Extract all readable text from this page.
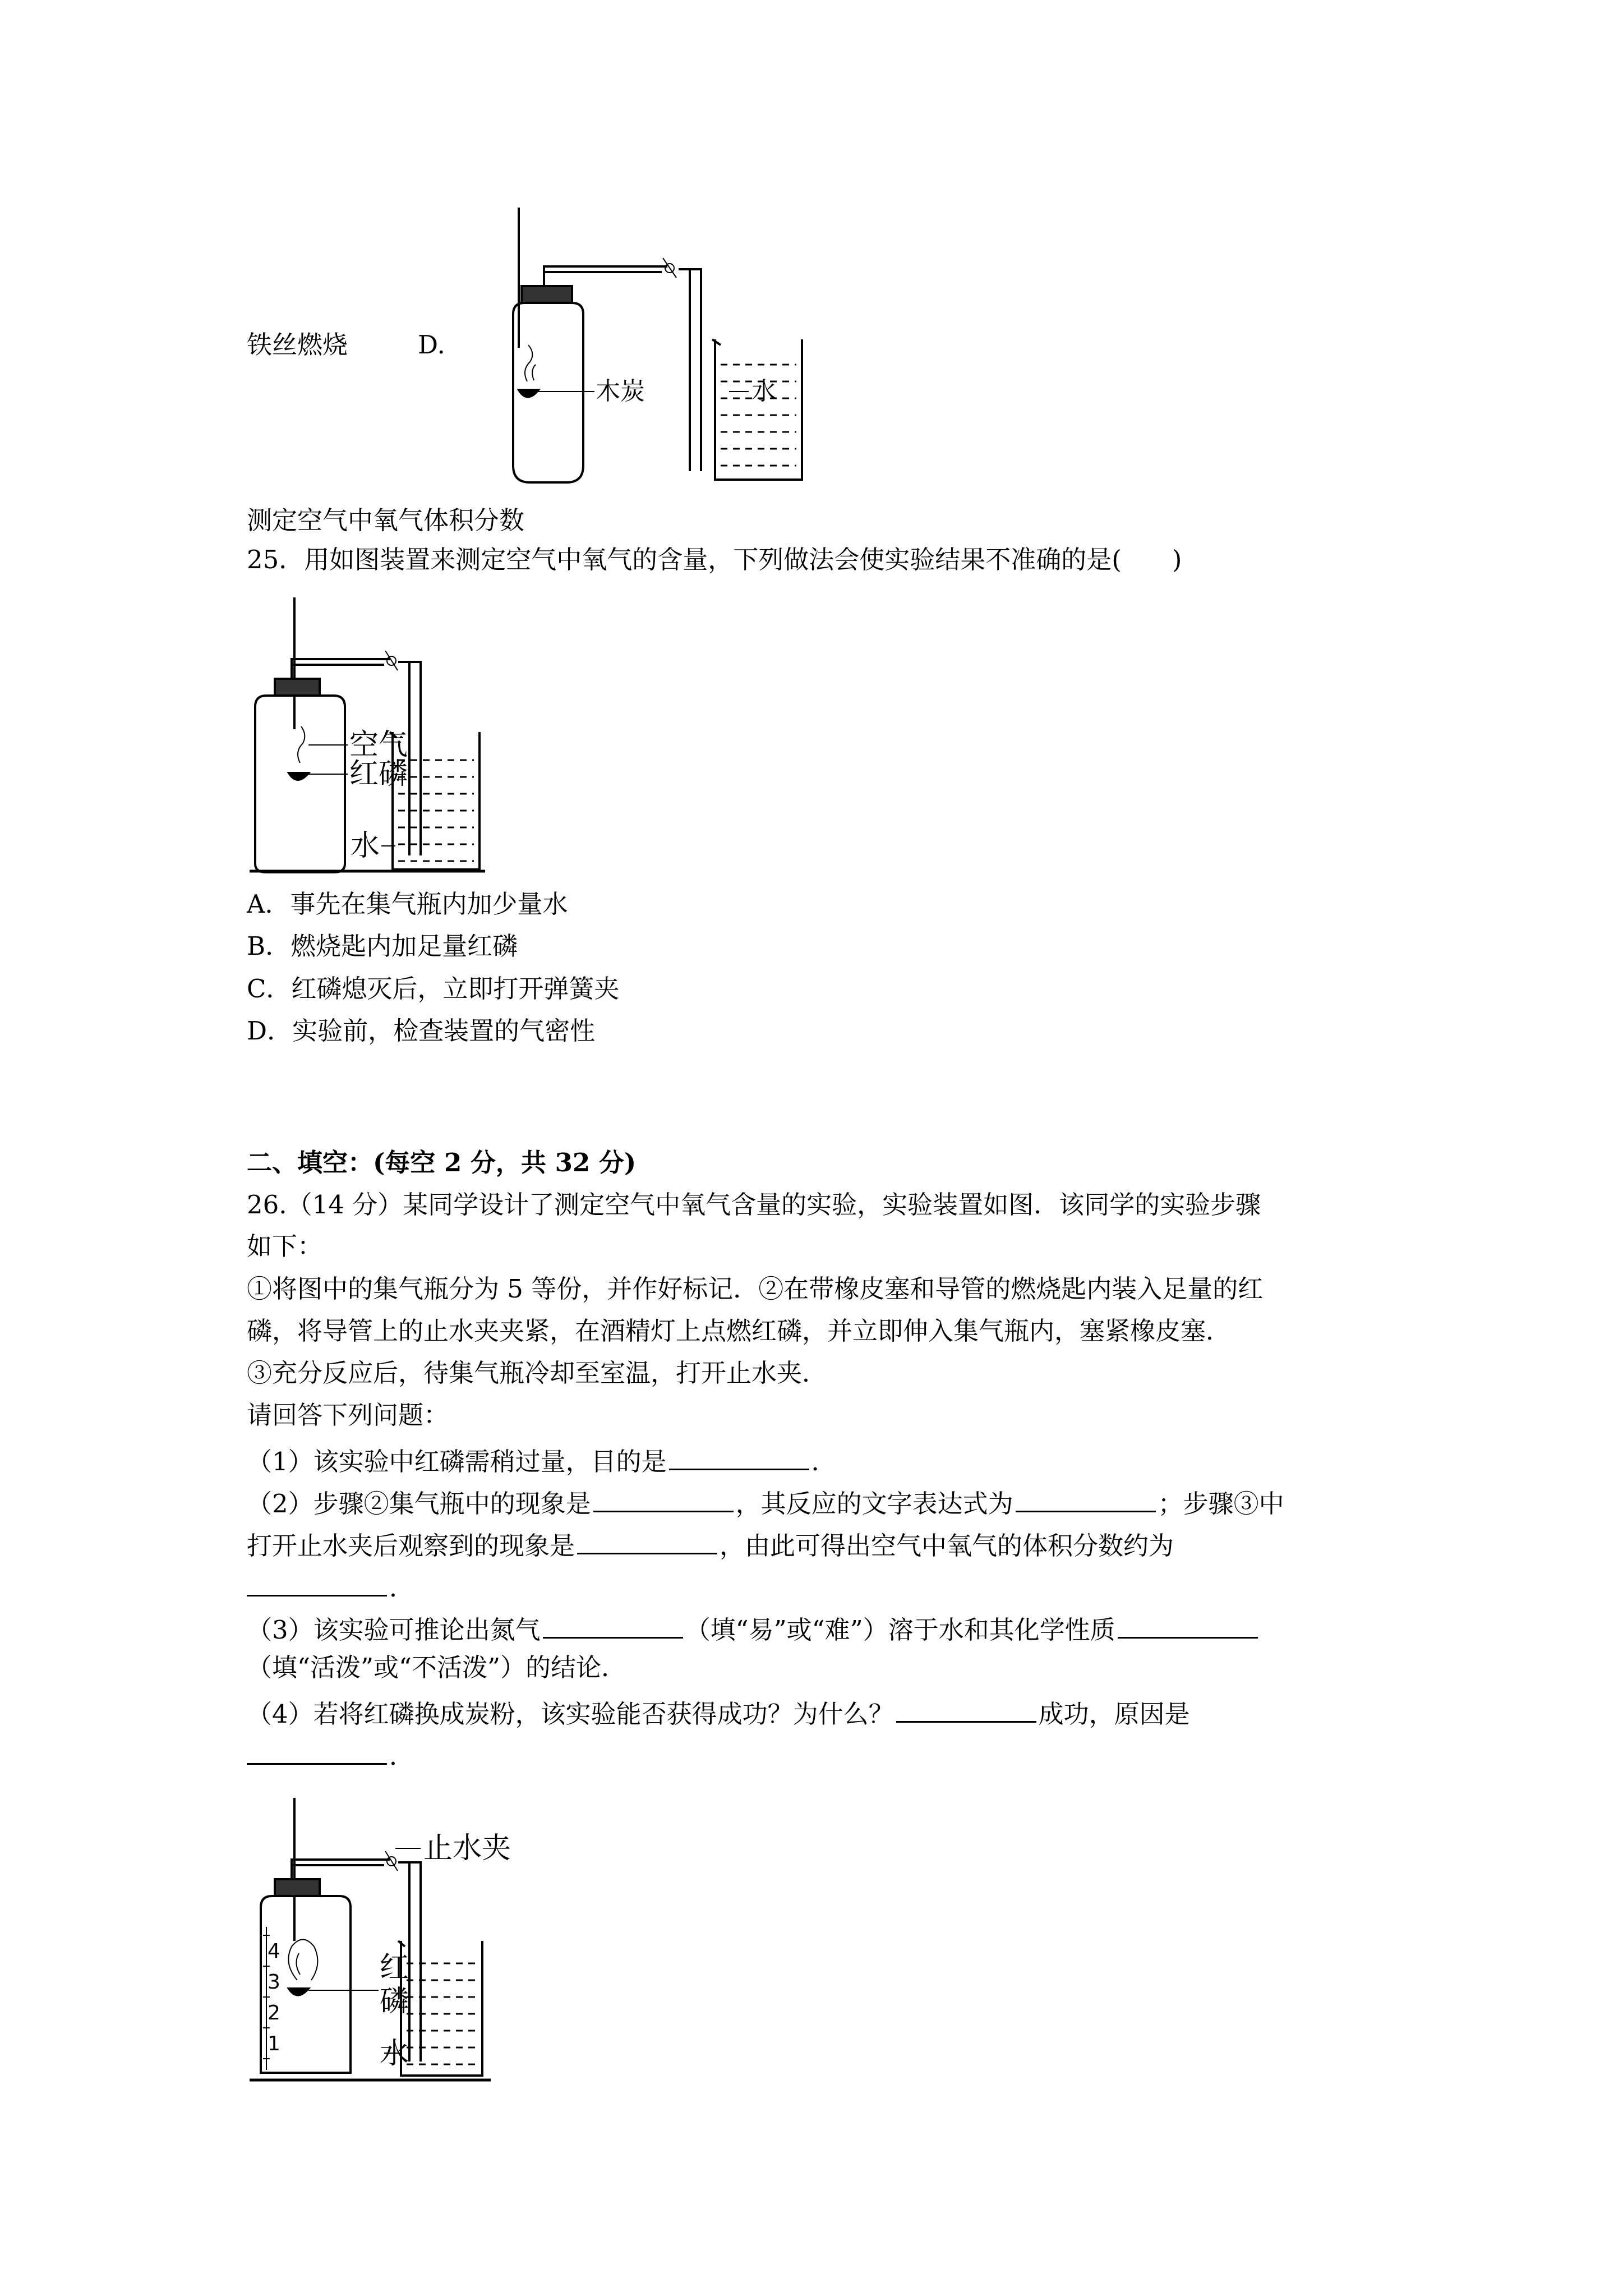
铁丝燃烧	D.

木炭	水

测定空气中氧气体积分数

25．用如图装置来测定空气中氧气的含量，下列做法会使实验结果不准确的是(　　)

空气
红磷
水

A．事先在集气瓶内加少量水

B．燃烧匙内加足量红磷

C．红磷熄灭后，立即打开弹簧夹

D．实验前，检查装置的气密性

二、填空：(每空 2 分，共 32 分)

26.（14 分）某同学设计了测定空气中氧气含量的实验，实验装置如图．该同学的实验步骤

如下：

①将图中的集气瓶分为 5 等份，并作好标记．②在带橡皮塞和导管的燃烧匙内装入足量的红

磷，将导管上的止水夹夹紧，在酒精灯上点燃红磷，并立即伸入集气瓶内，塞紧橡皮塞．

③充分反应后，待集气瓶冷却至室温，打开止水夹．

请回答下列问题：

（1）该实验中红磷需稍过量，目的是	．

（2）步骤②集气瓶中的现象是	，其反应的文字表达式为	；步骤③中

打开止水夹后观察到的现象是	，由此可得出空气中氧气的体积分数约为

．

（3）该实验可推论出氮气	（填“易”或“难”）溶于水和其化学性质

（填“活泼”或“不活泼”）的结论．

（4）若将红磷换成炭粉，该实验能否获得成功？为什么？	成功，原因是

．

止水夹
红
磷
水
4
3
2
1
